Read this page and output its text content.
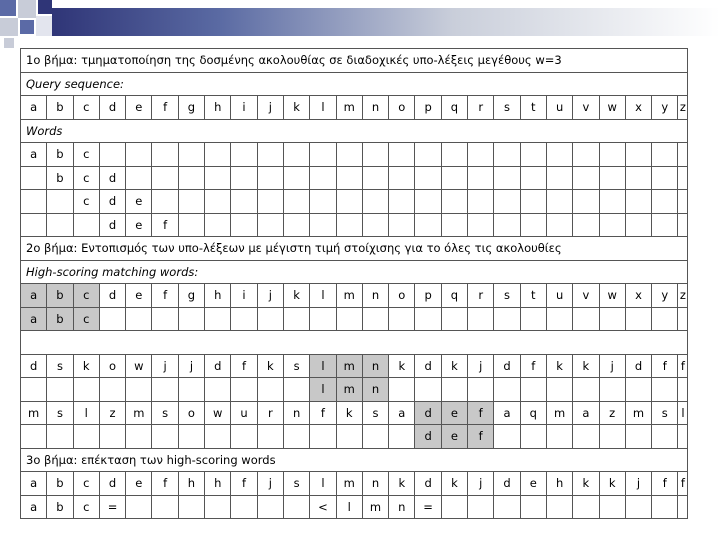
1ο βήμα: τμηματοποίηση της δοσμένης ακολουθίας σε διαδοχικές υπο-λέξεις μεγέθους w=3																									
Query sequence:																									
a	b	c	d	e	f	g	h	i	j	k	l	m	n	o	p	q	r	s	t	u	v	w	x	y	z
Words																									
a	b	c																							
	b	c	d																						
		c	d	e																					
			d	e	f																				
2ο βήμα: Εντοπισμός των υπο-λέξεων με μέγιστη τιμή στοίχισης για το όλες τις ακολουθίες																									
High-scoring matching words:																									
a	b	c	d	e	f	g	h	i	j	k	l	m	n	o	p	q	r	s	t	u	v	w	x	y	z
a	b	c																							

d	s	k	o	w	j	j	d	f	k	s	l	m	n	k	d	k	j	d	f	k	k	j	d	f	f
											l	m	n												
m	s	l	z	m	s	o	w	u	r	n	f	k	s	a	d	e	f	a	q	m	a	z	m	s	l
															d	e	f								
3ο βήμα: επέκταση των high-scoring words																									
a	b	c	d	e	f	h	h	f	j	s	l	m	n	k	d	k	j	d	e	h	k	k	j	f	f
a	b	c	=								<	l	m	n	=										
